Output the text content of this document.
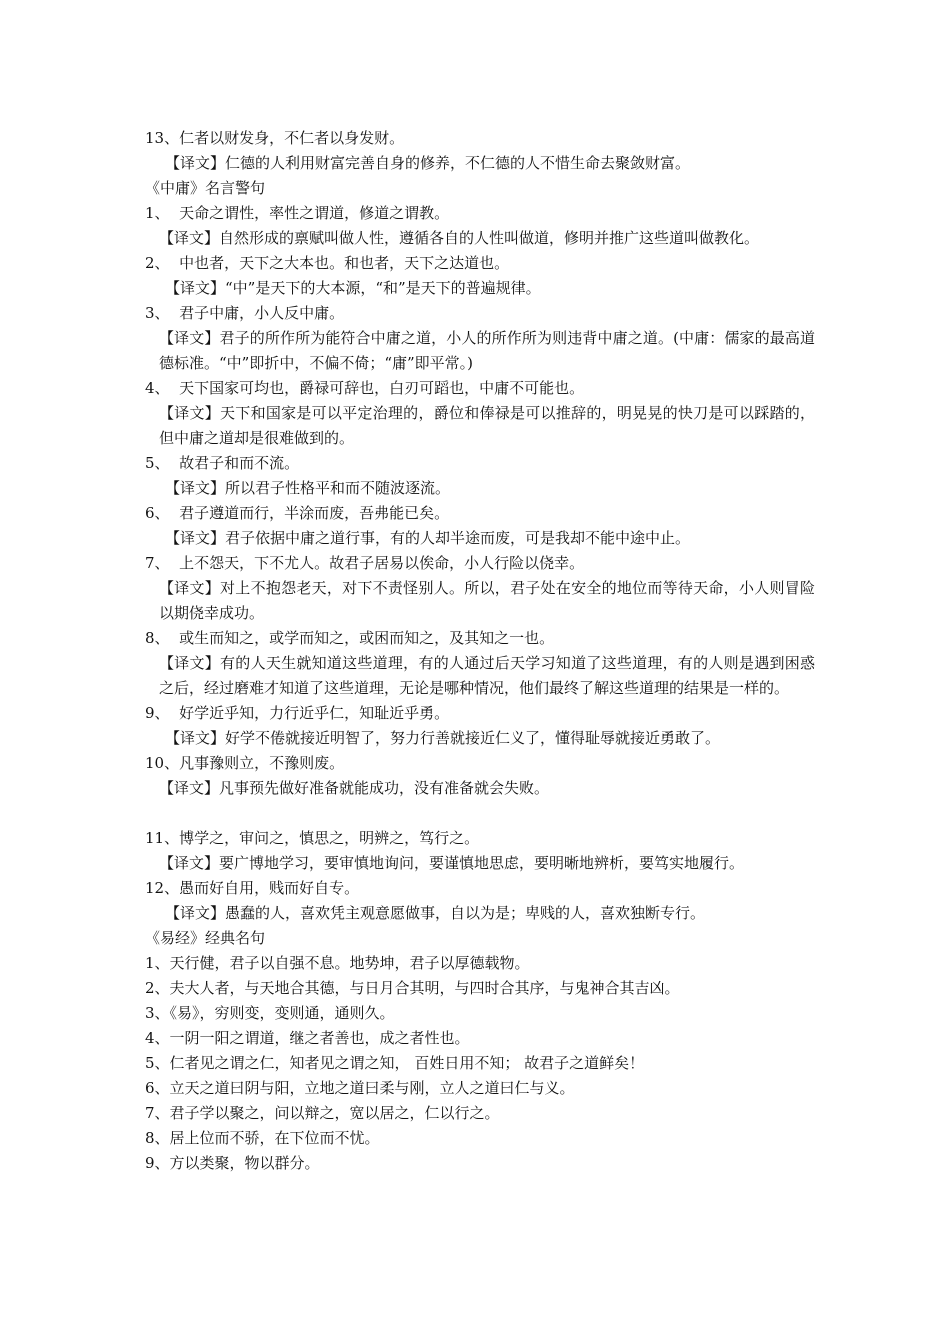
13、仁者以财发身，不仁者以身发财。

【译文】仁德的人利用财富完善自身的修养，不仁德的人不惜生命去聚敛财富。

《中庸》名言警句

1、  天命之谓性，率性之谓道，修道之谓教。

【译文】自然形成的禀赋叫做人性，遵循各自的人性叫做道，修明并推广这些道叫做教化。

2、  中也者，天下之大本也。和也者，天下之达道也。

【译文】“中”是天下的大本源，“和”是天下的普遍规律。

3、  君子中庸，小人反中庸。

【译文】君子的所作所为能符合中庸之道，小人的所作所为则违背中庸之道。(中庸：儒家的最高道德标准。“中”即折中，不偏不倚；“庸”即平常。)

4、  天下国家可均也，爵禄可辞也，白刃可蹈也，中庸不可能也。

【译文】天下和国家是可以平定治理的，爵位和俸禄是可以推辞的，明晃晃的快刀是可以踩踏的，但中庸之道却是很难做到的。

5、  故君子和而不流。

【译文】所以君子性格平和而不随波逐流。

6、  君子遵道而行，半涂而废，吾弗能已矣。

【译文】君子依据中庸之道行事，有的人却半途而废，可是我却不能中途中止。

7、  上不怨天，下不尤人。故君子居易以俟命，小人行险以侥幸。

【译文】对上不抱怨老天，对下不责怪别人。所以，君子处在安全的地位而等待天命，小人则冒险以期侥幸成功。

8、  或生而知之，或学而知之，或困而知之，及其知之一也。

【译文】有的人天生就知道这些道理，有的人通过后天学习知道了这些道理，有的人则是遇到困惑之后，经过磨难才知道了这些道理，无论是哪种情况，他们最终了解这些道理的结果是一样的。

9、  好学近乎知，力行近乎仁，知耻近乎勇。

【译文】好学不倦就接近明智了，努力行善就接近仁义了，懂得耻辱就接近勇敢了。

10、凡事豫则立，不豫则废。

【译文】凡事预先做好准备就能成功，没有准备就会失败。

11、博学之，审问之，慎思之，明辨之，笃行之。

【译文】要广博地学习，要审慎地询问，要谨慎地思虑，要明晰地辨析，要笃实地履行。

12、愚而好自用，贱而好自专。

【译文】愚蠢的人，喜欢凭主观意愿做事，自以为是；卑贱的人，喜欢独断专行。

《易经》经典名句

1、天行健，君子以自强不息。地势坤，君子以厚德载物。

2、夫大人者，与天地合其德，与日月合其明，与四时合其序，与鬼神合其吉凶。

3、《易》，穷则变，变则通，通则久。

4、一阴一阳之谓道，继之者善也，成之者性也。

5、仁者见之谓之仁，知者见之谓之知， 百姓日用不知； 故君子之道鲜矣！

6、立天之道曰阴与阳，立地之道曰柔与刚，立人之道曰仁与义。

7、君子学以聚之，问以辩之，宽以居之，仁以行之。

8、居上位而不骄，在下位而不忧。

9、方以类聚，物以群分。
